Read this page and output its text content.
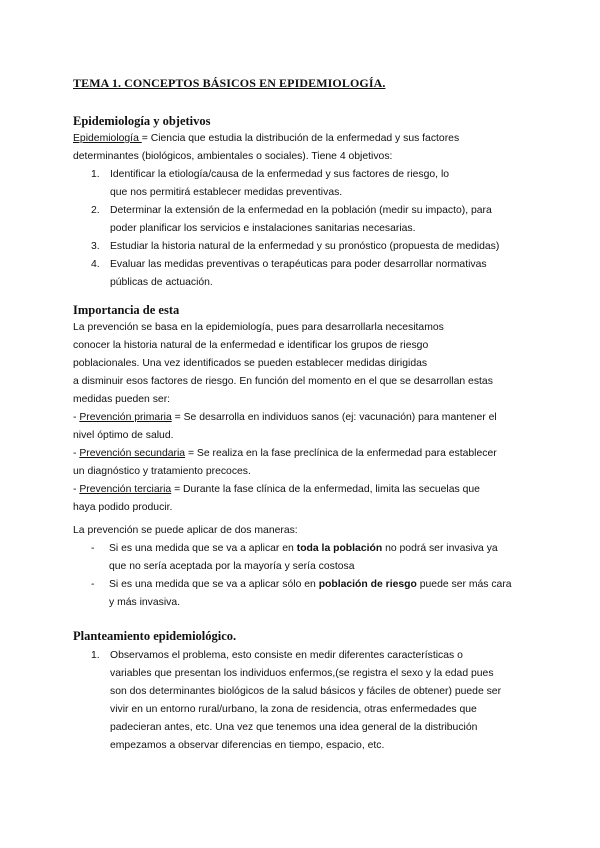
TEMA 1. CONCEPTOS BÁSICOS EN EPIDEMIOLOGÍA.
Epidemiología y objetivos
Epidemiología = Ciencia que estudia la distribución de la enfermedad y sus factores
determinantes (biológicos, ambientales o sociales). Tiene 4 objetivos:
1. Identificar la etiología/causa de la enfermedad y sus factores de riesgo, lo
que nos permitirá establecer medidas preventivas.
2. Determinar la extensión de la enfermedad en la población (medir su impacto), para
poder planificar los servicios e instalaciones sanitarias necesarias.
3. Estudiar la historia natural de la enfermedad y su pronóstico (propuesta de medidas)
4. Evaluar las medidas preventivas o terapéuticas para poder desarrollar normativas
públicas de actuación.
Importancia de esta
La prevención se basa en la epidemiología, pues para desarrollarla necesitamos
conocer la historia natural de la enfermedad e identificar los grupos de riesgo
poblacionales. Una vez identificados se pueden establecer medidas dirigidas
a disminuir esos factores de riesgo. En función del momento en el que se desarrollan estas
medidas pueden ser:
- Prevención primaria = Se desarrolla en individuos sanos (ej: vacunación) para mantener el
nivel óptimo de salud.
- Prevención secundaria = Se realiza en la fase preclínica de la enfermedad para establecer
un diagnóstico y tratamiento precoces.
- Prevención terciaria = Durante la fase clínica de la enfermedad, limita las secuelas que
haya podido producir.
La prevención se puede aplicar de dos maneras:
- Si es una medida que se va a aplicar en toda la población no podrá ser invasiva ya
que no sería aceptada por la mayoría y sería costosa
- Si es una medida que se va a aplicar sólo en población de riesgo puede ser más cara
y más invasiva.
Planteamiento epidemiológico.
1. Observamos el problema, esto consiste en medir diferentes características o
variables que presentan los individuos enfermos,(se registra el sexo y la edad pues
son dos determinantes biológicos de la salud básicos y fáciles de obtener) puede ser
vivir en un entorno rural/urbano, la zona de residencia, otras enfermedades que
padecieran antes, etc. Una vez que tenemos una idea general de la distribución
empezamos a observar diferencias en tiempo, espacio, etc.
